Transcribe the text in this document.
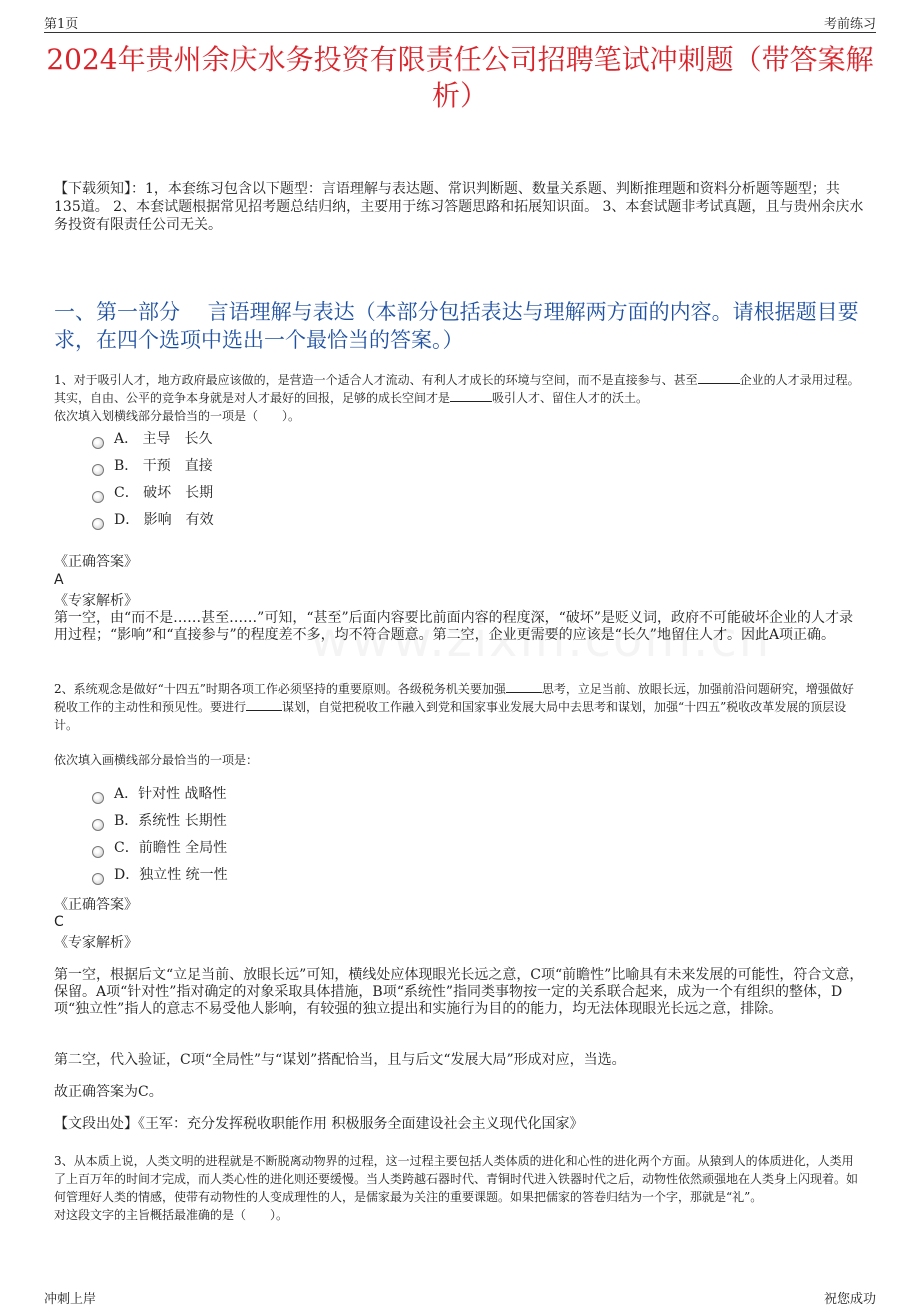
第1页	考前练习
2024年贵州余庆水务投资有限责任公司招聘笔试冲刺题（带答案解析）
【下载须知】：1，本套练习包含以下题型：言语理解与表达题、常识判断题、数量关系题、判断推理题和资料分析题等题型；共135道。 2、本套试题根据常见招考题总结归纳，主要用于练习答题思路和拓展知识面。 3、本套试题非考试真题，且与贵州余庆水务投资有限责任公司无关。
一、第一部分　 言语理解与表达（本部分包括表达与理解两方面的内容。请根据题目要求，在四个选项中选出一个最恰当的答案。）
1、对于吸引人才，地方政府最应该做的，是营造一个适合人才流动、有利人才成长的环境与空间，而不是直接参与、甚至	企业的人才录用过程。其实，自由、公平的竞争本身就是对人才最好的回报，足够的成长空间才是	吸引人才、留住人才的沃土。
依次填入划横线部分最恰当的一项是（　　）。
A． 主导　长久
B． 干预　直接
C． 破坏　长期
D． 影响　有效
《正确答案》
A
《专家解析》
第一空，由“而不是……甚至……”可知，“甚至”后面内容要比前面内容的程度深，“破坏”是贬义词，政府不可能破坏企业的人才录用过程；“影响”和“直接参与”的程度差不多，均不符合题意。第二空，企业更需要的应该是“长久”地留住人才。因此A项正确。
2、系统观念是做好“十四五”时期各项工作必须坚持的重要原则。各级税务机关要加强	思考，立足当前、放眼长远，加强前沿问题研究，增强做好税收工作的主动性和预见性。要进行	谋划，自觉把税收工作融入到党和国家事业发展大局中去思考和谋划，加强“十四五”税收改革发展的顶层设计。
依次填入画横线部分最恰当的一项是：
A．针对性 战略性
B．系统性 长期性
C．前瞻性 全局性
D．独立性 统一性
《正确答案》
C
《专家解析》
第一空，根据后文“立足当前、放眼长远”可知，横线处应体现眼光长远之意，C项“前瞻性”比喻具有未来发展的可能性，符合文意，保留。A项“针对性”指对确定的对象采取具体措施，B项“系统性”指同类事物按一定的关系联合起来，成为一个有组织的整体，D项“独立性”指人的意志不易受他人影响，有较强的独立提出和实施行为目的的能力，均无法体现眼光长远之意，排除。
第二空，代入验证，C项“全局性”与“谋划”搭配恰当，且与后文“发展大局”形成对应，当选。
故正确答案为C。
【文段出处】《王军：充分发挥税收职能作用 积极服务全面建设社会主义现代化国家》
3、从本质上说，人类文明的进程就是不断脱离动物界的过程，这一过程主要包括人类体质的进化和心性的进化两个方面。从猿到人的体质进化，人类用了上百万年的时间才完成，而人类心性的进化则还要缓慢。当人类跨越石器时代、青铜时代进入铁器时代之后，动物性依然顽强地在人类身上闪现着。如何管理好人类的情感，使带有动物性的人变成理性的人，是儒家最为关注的重要课题。如果把儒家的答卷归结为一个字，那就是“礼”。
对这段文字的主旨概括最准确的是（　　）。
冲刺上岸	祝您成功
